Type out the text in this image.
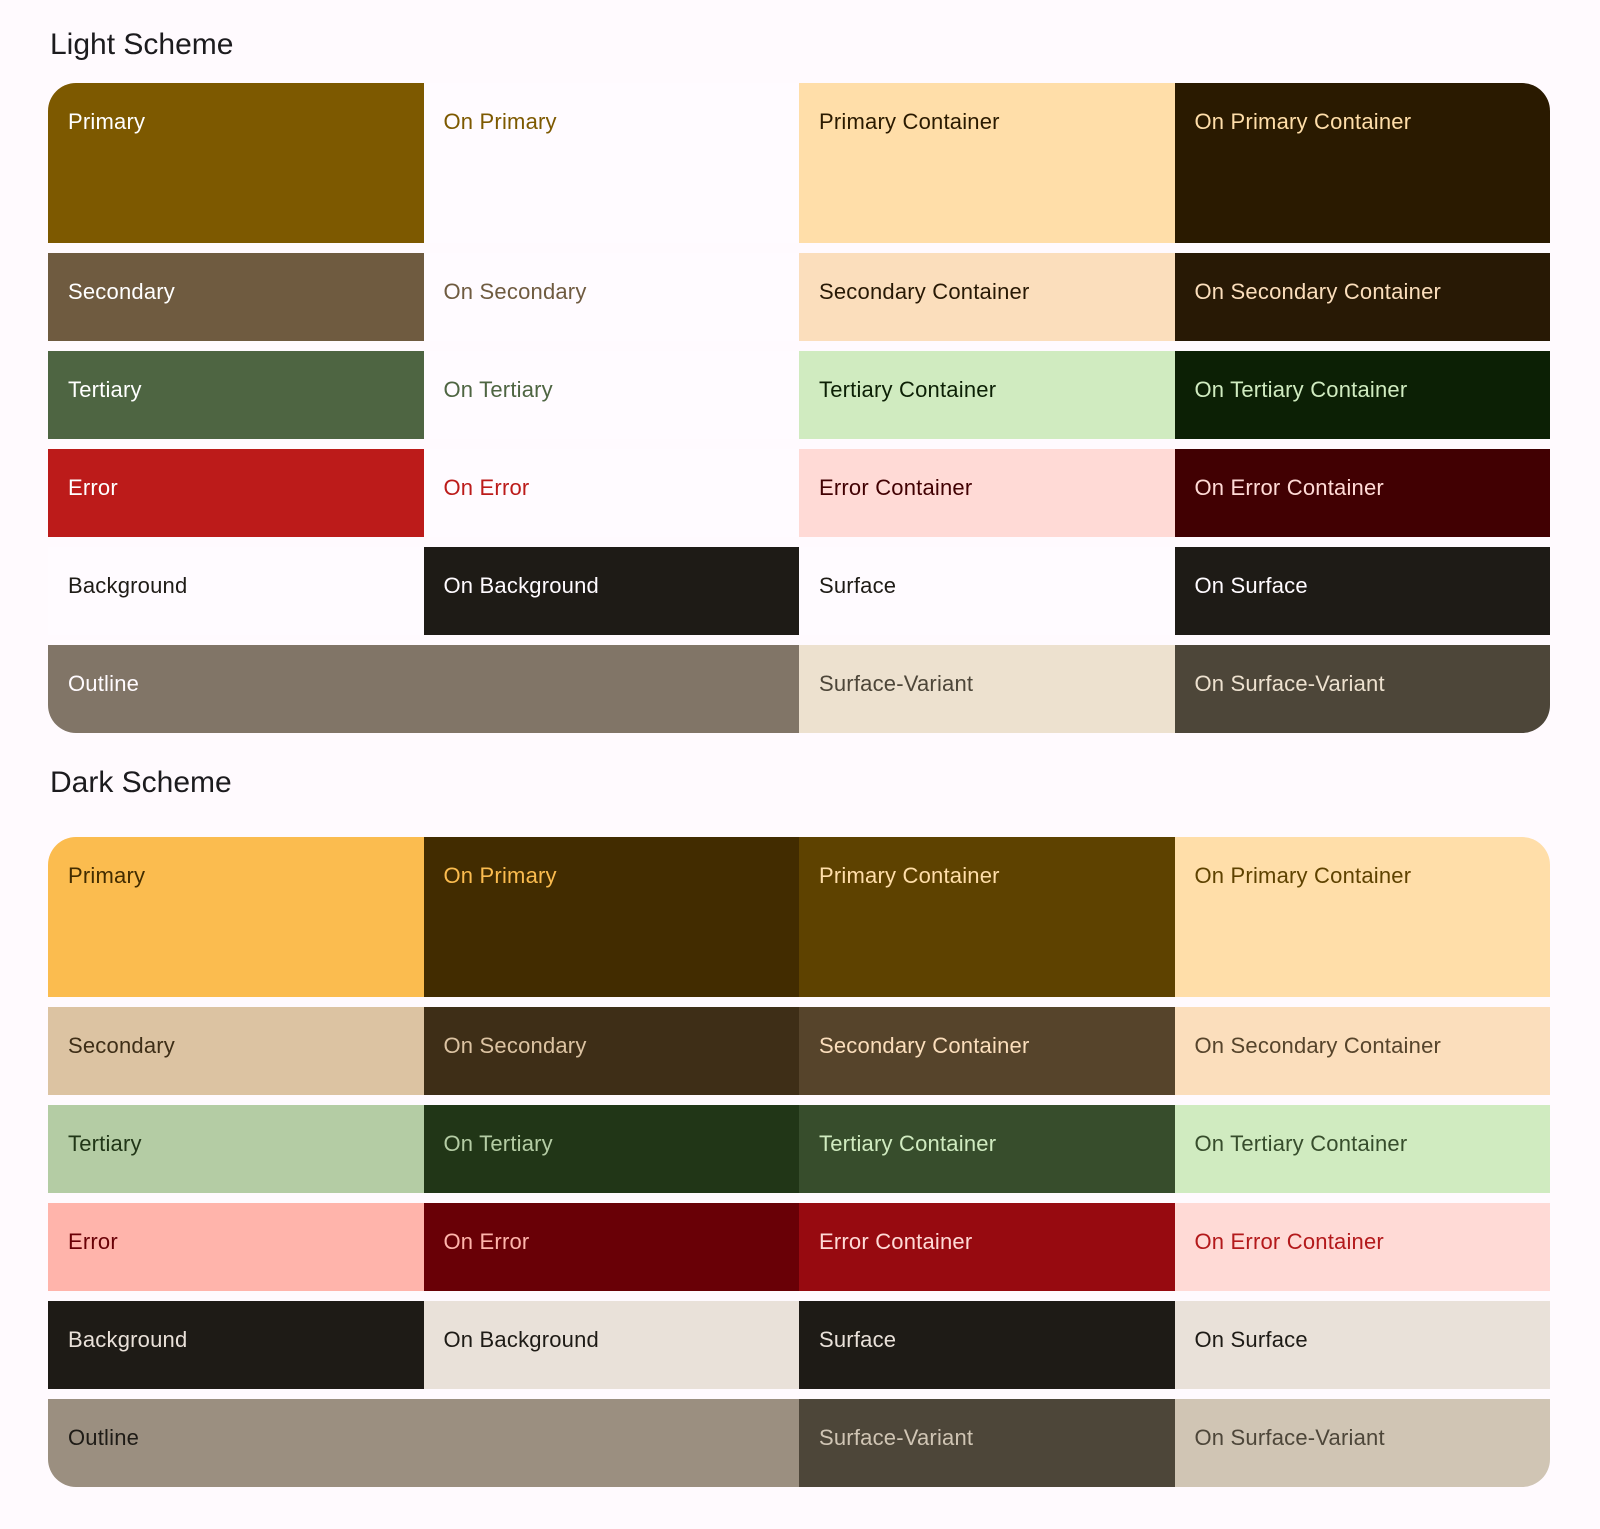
Light Scheme
Primary	On Primary	Primary Container	On Primary Container
Secondary	On Secondary	Secondary Container	On Secondary Container
Tertiary	On Tertiary	Tertiary Container	On Tertiary Container
Error	On Error	Error Container	On Error Container
Background	On Background	Surface	On Surface
Outline	Surface-Variant	On Surface-Variant
Dark Scheme
Primary	On Primary	Primary Container	On Primary Container
Secondary	On Secondary	Secondary Container	On Secondary Container
Tertiary	On Tertiary	Tertiary Container	On Tertiary Container
Error	On Error	Error Container	On Error Container
Background	On Background	Surface	On Surface
Outline	Surface-Variant	On Surface-Variant
